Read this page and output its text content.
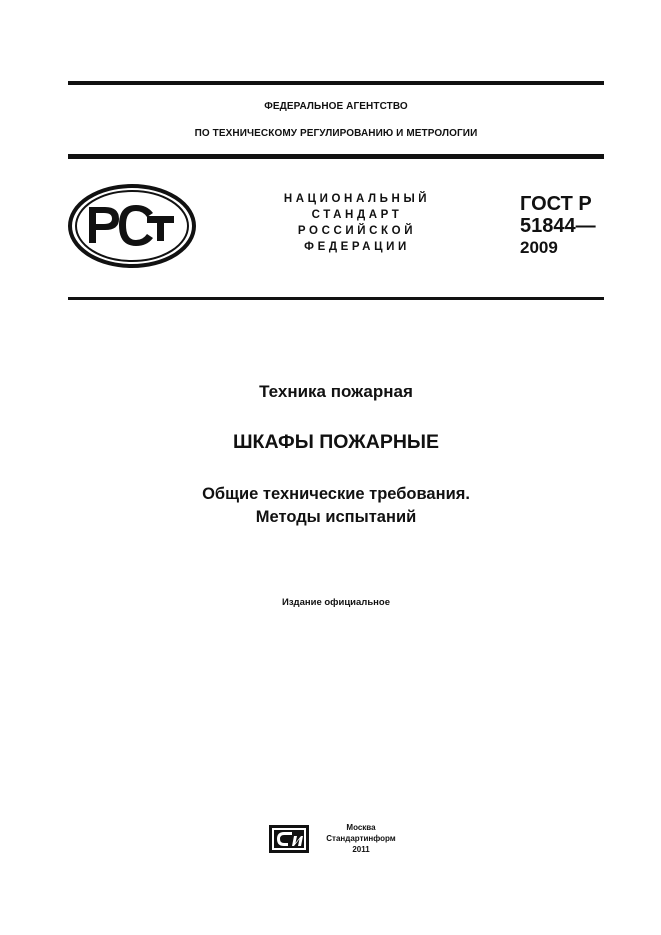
ФЕДЕРАЛЬНОЕ АГЕНТСТВО
ПО ТЕХНИЧЕСКОМУ РЕГУЛИРОВАНИЮ И МЕТРОЛОГИИ
НАЦИОНАЛЬНЫЙ
СТАНДАРТ
РОССИЙСКОЙ
ФЕДЕРАЦИИ
ГОСТ Р
51844—
2009
Техника пожарная
ШКАФЫ ПОЖАРНЫЕ
Общие технические требования.
Методы испытаний
Издание официальное
Москва
Стандартинформ
2011
